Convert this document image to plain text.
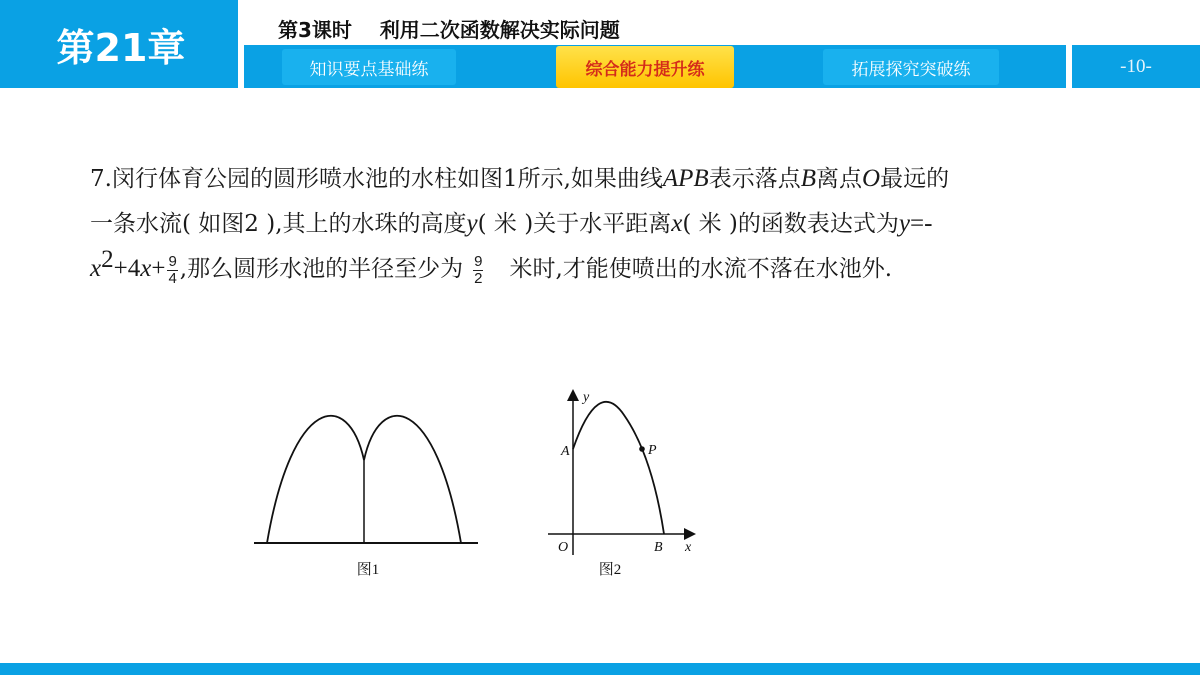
第21章	第3课时    利用二次函数解决实际问题
知识要点基础练	综合能力提升练	拓展探究突破练	-10-
7.闵行体育公园的圆形喷水池的水柱如图1所示,如果曲线APB表示落点B离点O最远的
一条水流( 如图2 ),其上的水珠的高度y( 米 )关于水平距离x( 米 )的函数表达式为y=-
$x^2+4x+ \frac{9}{4}$ ,那么圆形水池的半径至少为 $\frac{9}{2}$ 米时,才能使喷出的水流不落在水池外.
图1
y
A	P
O	B x
图2
